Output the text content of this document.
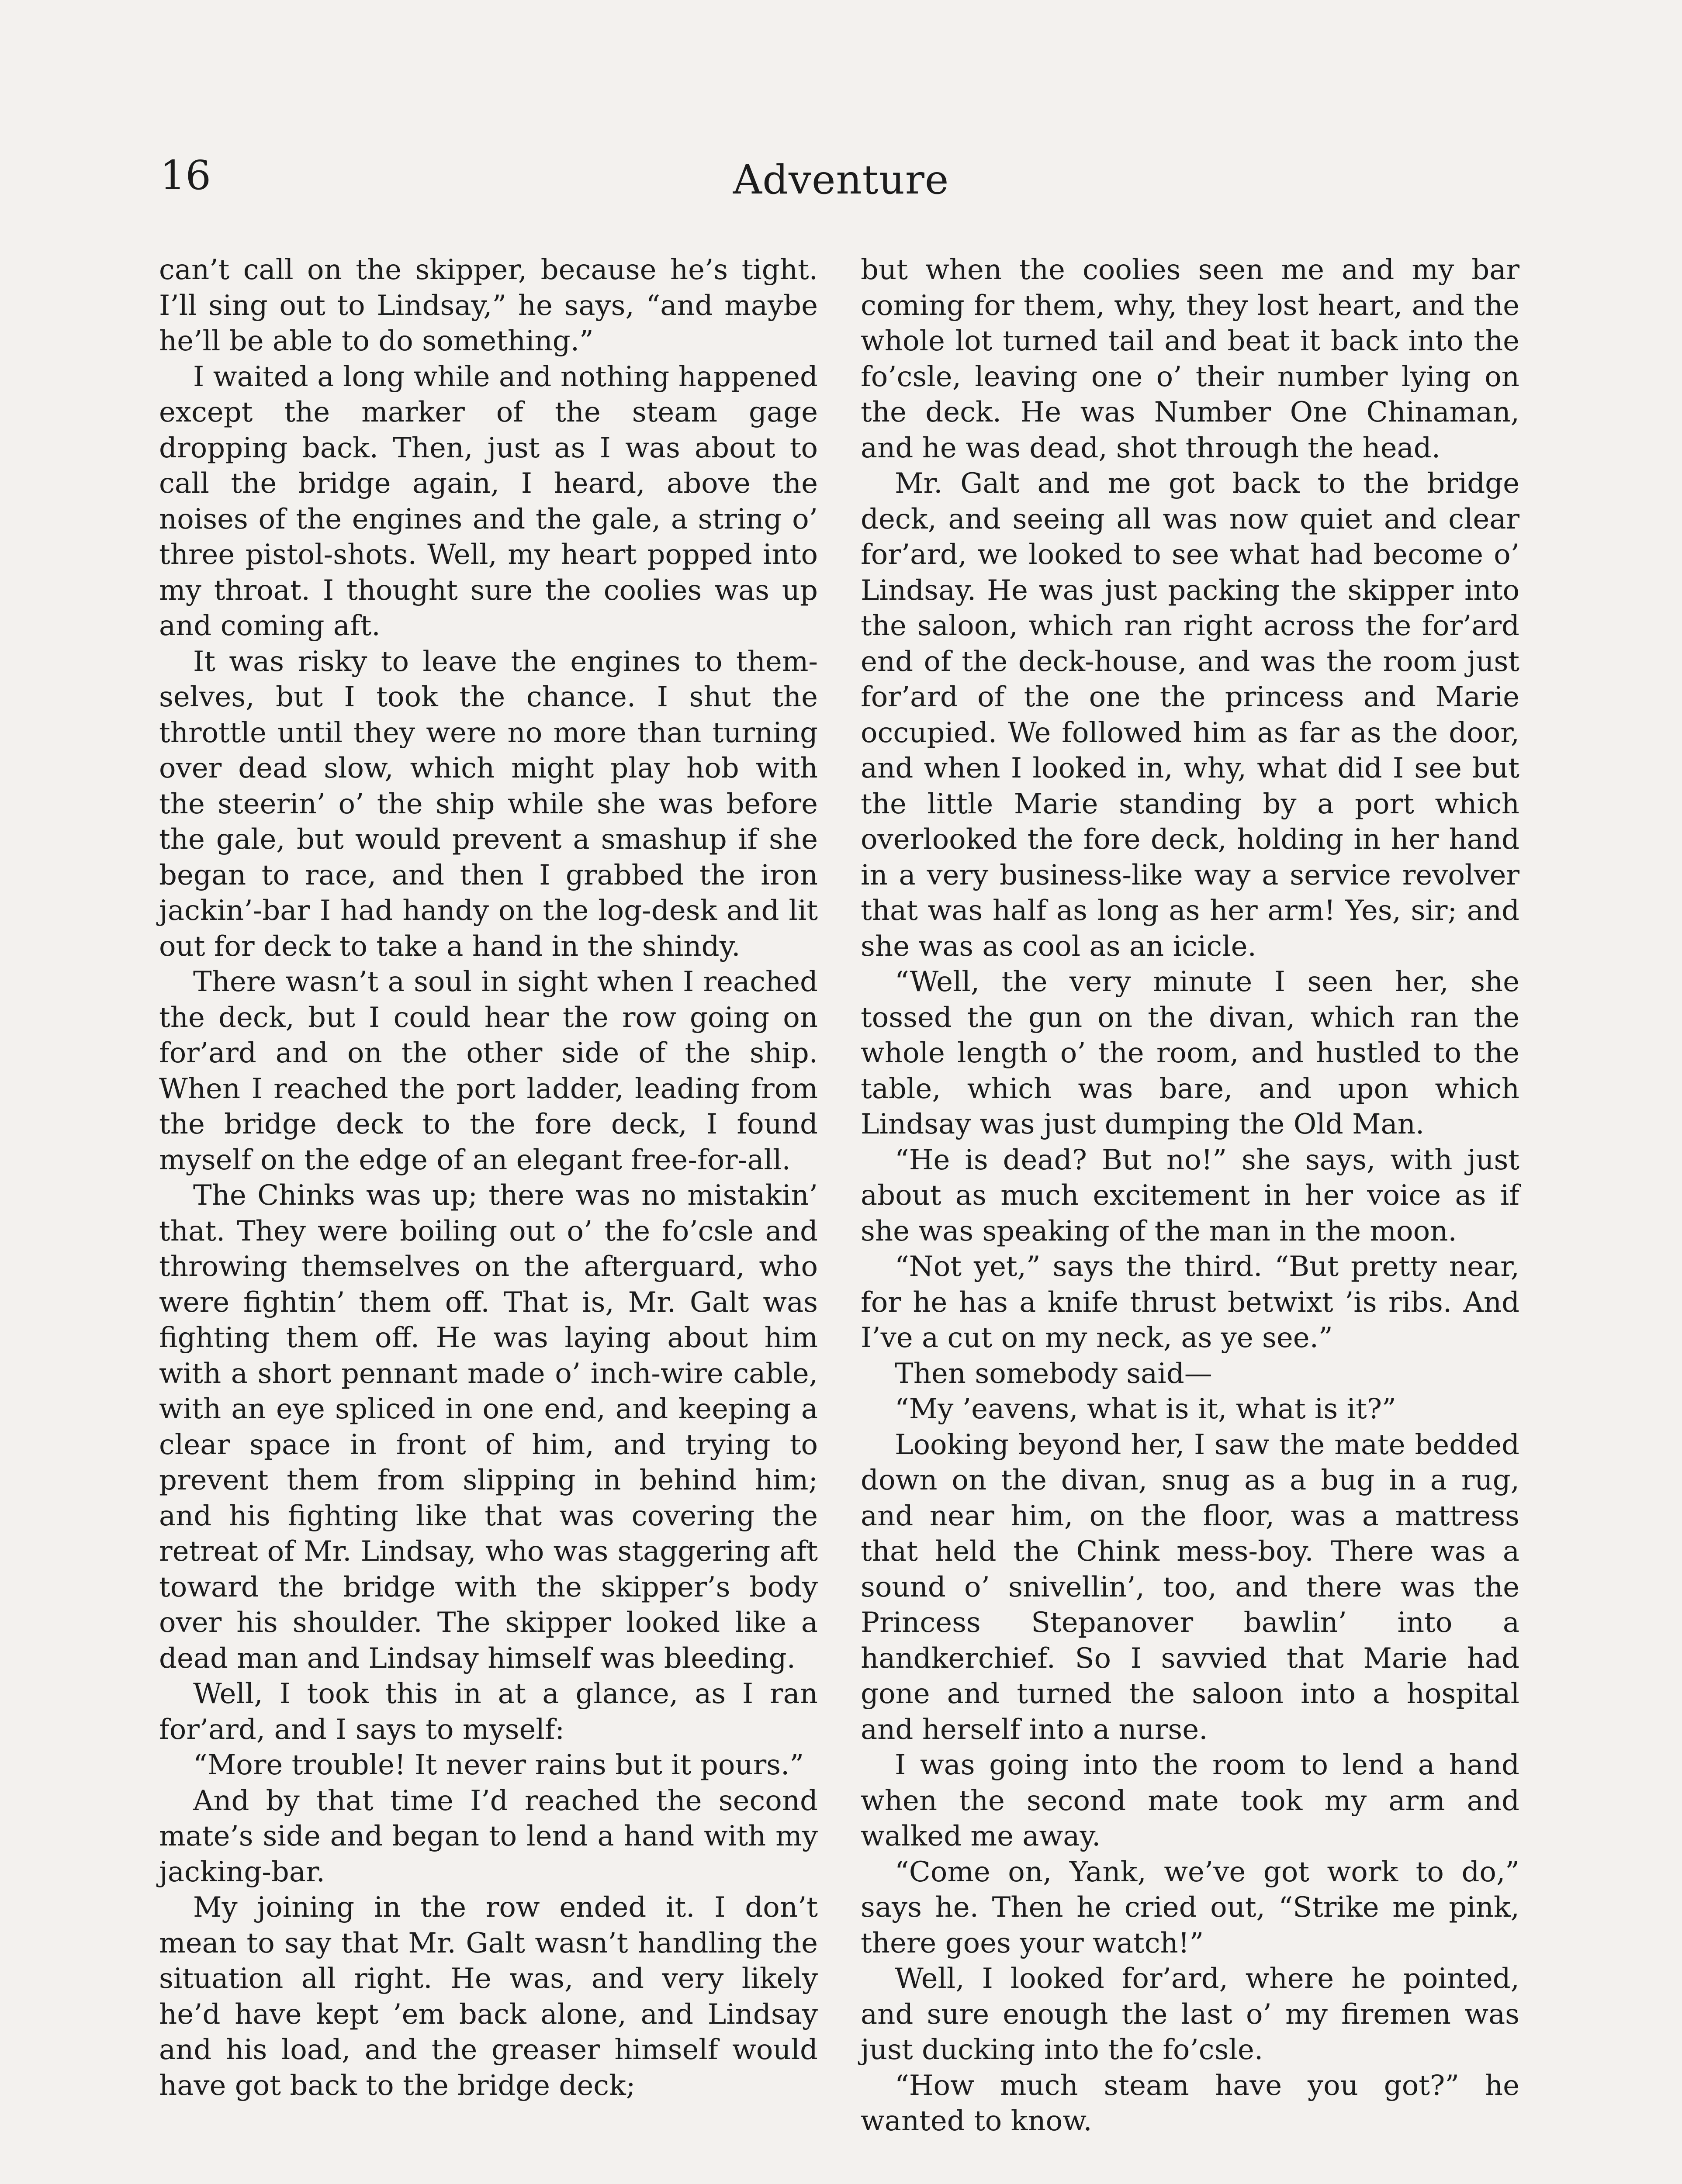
16	Adventure

can’t call on the skipper, because he’s tight. I’ll sing out to Lindsay,” he says, “and maybe he’ll be able to do something.”

I waited a long while and nothing happened except the marker of the steam gage dropping back. Then, just as I was about to call the bridge again, I heard, above the noises of the engines and the gale, a string o’ three pistol-shots. Well, my heart popped into my throat. I thought sure the coolies was up and coming aft.

It was risky to leave the engines to themselves, but I took the chance. I shut the throttle until they were no more than turning over dead slow, which might play hob with the steerin’ o’ the ship while she was before the gale, but would prevent a smashup if she began to race, and then I grabbed the iron jackin’-bar I had handy on the log-desk and lit out for deck to take a hand in the shindy.

There wasn’t a soul in sight when I reached the deck, but I could hear the row going on for’ard and on the other side of the ship. When I reached the port ladder, leading from the bridge deck to the fore deck, I found myself on the edge of an elegant free-for-all.

The Chinks was up; there was no mistakin’ that. They were boiling out o’ the fo’csle and throwing themselves on the afterguard, who were fightin’ them off. That is, Mr. Galt was fighting them off. He was laying about him with a short pennant made o’ inch-wire cable, with an eye spliced in one end, and keeping a clear space in front of him, and trying to prevent them from slipping in behind him; and his fighting like that was covering the retreat of Mr. Lindsay, who was staggering aft toward the bridge with the skipper’s body over his shoulder. The skipper looked like a dead man and Lindsay himself was bleeding.

Well, I took this in at a glance, as I ran for’ard, and I says to myself:

“More trouble! It never rains but it pours.”

And by that time I’d reached the second mate’s side and began to lend a hand with my jacking-bar.

My joining in the row ended it. I don’t mean to say that Mr. Galt wasn’t handling the situation all right. He was, and very likely he’d have kept ’em back alone, and Lindsay and his load, and the greaser himself would have got back to the bridge deck;

but when the coolies seen me and my bar coming for them, why, they lost heart, and the whole lot turned tail and beat it back into the fo’csle, leaving one o’ their number lying on the deck. He was Number One Chinaman, and he was dead, shot through the head.

Mr. Galt and me got back to the bridge deck, and seeing all was now quiet and clear for’ard, we looked to see what had become o’ Lindsay. He was just packing the skipper into the saloon, which ran right across the for’ard end of the deck-house, and was the room just for’ard of the one the princess and Marie occupied. We followed him as far as the door, and when I looked in, why, what did I see but the little Marie standing by a port which overlooked the fore deck, holding in her hand in a very business-like way a service revolver that was half as long as her arm! Yes, sir; and she was as cool as an icicle.

“Well, the very minute I seen her, she tossed the gun on the divan, which ran the whole length o’ the room, and hustled to the table, which was bare, and upon which Lindsay was just dumping the Old Man.

“He is dead? But no!” she says, with just about as much excitement in her voice as if she was speaking of the man in the moon.

“Not yet,” says the third. “But pretty near, for he has a knife thrust betwixt ’is ribs. And I’ve a cut on my neck, as ye see.”

Then somebody said—

“My ’eavens, what is it, what is it?”

Looking beyond her, I saw the mate bedded down on the divan, snug as a bug in a rug, and near him, on the floor, was a mattress that held the Chink mess-boy. There was a sound o’ snivellin’, too, and there was the Princess Stepanover bawlin’ into a handkerchief. So I savvied that Marie had gone and turned the saloon into a hospital and herself into a nurse.

I was going into the room to lend a hand when the second mate took my arm and walked me away.

“Come on, Yank, we’ve got work to do,” says he. Then he cried out, “Strike me pink, there goes your watch!”

Well, I looked for’ard, where he pointed, and sure enough the last o’ my firemen was just ducking into the fo’csle.

“How much steam have you got?” he wanted to know.
